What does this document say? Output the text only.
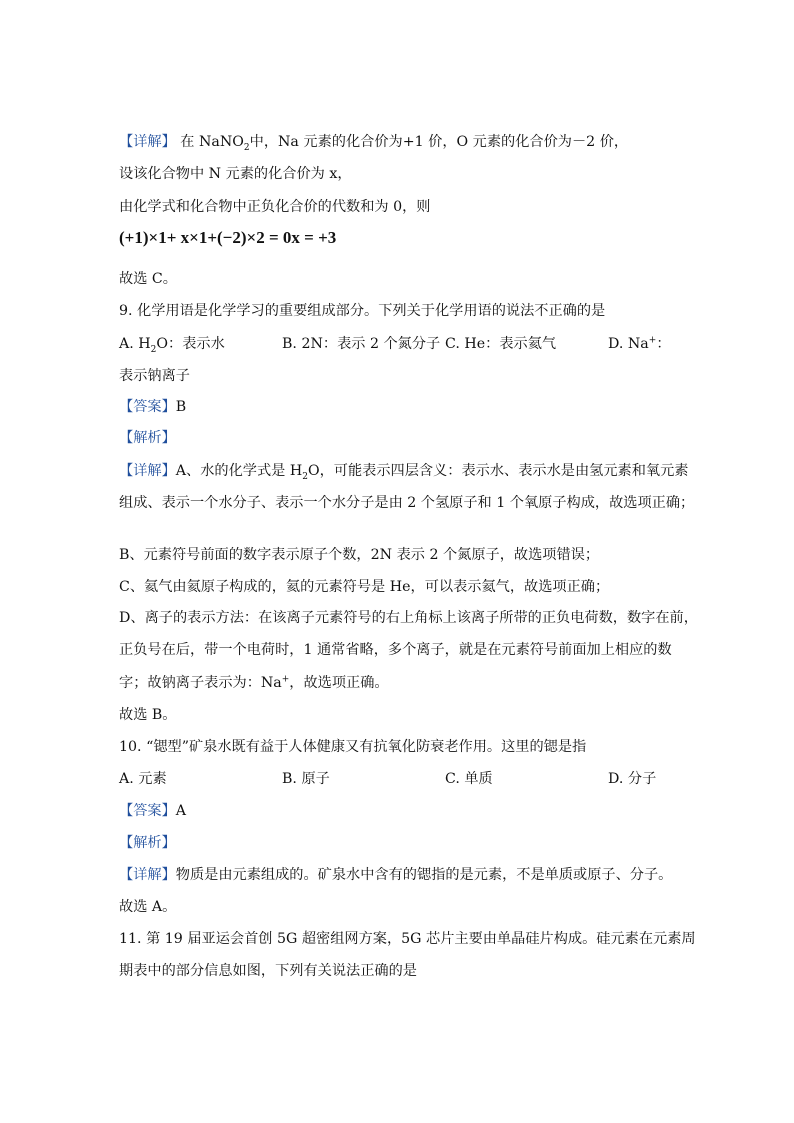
【详解】 在 NaNO$_2$中，Na 元素的化合价为+1 价，O 元素的化合价为－2 价，
设该化合物中 N 元素的化合价为 x，
由化学式和化合物中正负化合价的代数和为 0，则
(+1)×1+ x×1+(−2)×2 = 0x = +3
故选 C。
9. 化学用语是化学学习的重要组成部分。下列关于化学用语的说法不正确的是
A. $H_2O$：表示水	B. 2N：表示 2 个氮分子 C. He：表示氦气	D. Na+：
表示钠离子
【答案】B
【解析】
【详解】A、水的化学式是 $H_2O$，可能表示四层含义：表示水、表示水是由氢元素和氧元素
组成、表示一个水分子、表示一个水分子是由 2 个氢原子和 1 个氧原子构成，故选项正确；
B、元素符号前面的数字表示原子个数，2N 表示 2 个氮原子，故选项错误；
C、氦气由氦原子构成的，氦的元素符号是 He，可以表示氦气，故选项正确；
D、离子的表示方法：在该离子元素符号的右上角标上该离子所带的正负电荷数，数字在前，
正负号在后，带一个电荷时，1 通常省略，多个离子，就是在元素符号前面加上相应的数
字；故钠离子表示为：Na+，故选项正确。
故选 B。
10. “锶型”矿泉水既有益于人体健康又有抗氧化防衰老作用。这里的锶是指
A. 元素	B. 原子	C. 单质	D. 分子
【答案】A
【解析】
【详解】物质是由元素组成的。矿泉水中含有的锶指的是元素，不是单质或原子、分子。
故选 A。
11. 第 19 届亚运会首创 5G 超密组网方案，5G 芯片主要由单晶硅片构成。硅元素在元素周
期表中的部分信息如图，下列有关说法正确的是
